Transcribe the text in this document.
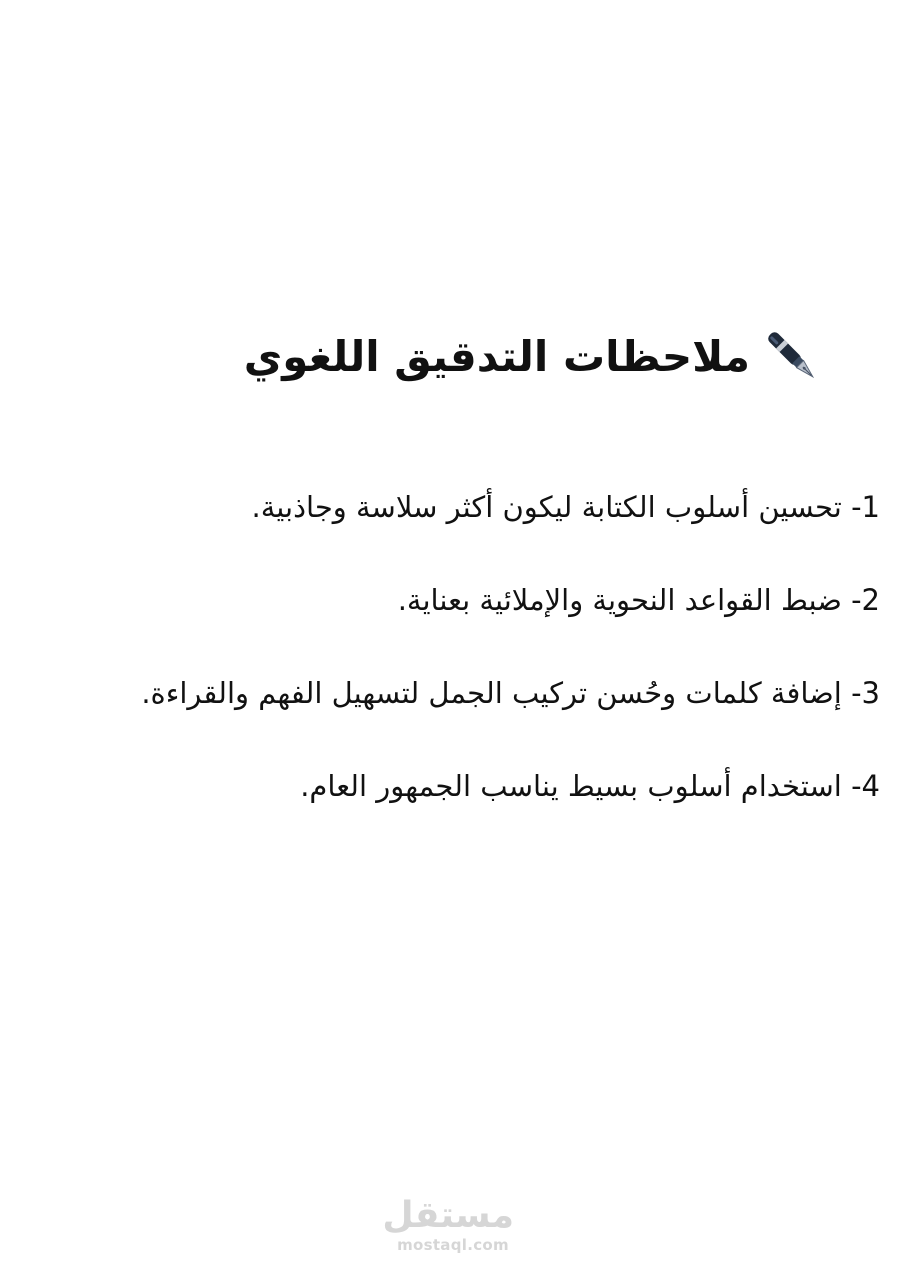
ملاحظات التدقيق اللغوي
1- تحسين أسلوب الكتابة ليكون أكثر سلاسة وجاذبية.
2- ضبط القواعد النحوية والإملائية بعناية.
3- إضافة كلمات وحُسن تركيب الجمل لتسهيل الفهم والقراءة.
4- استخدام أسلوب بسيط يناسب الجمهور العام.
مستقل
mostaql.com
